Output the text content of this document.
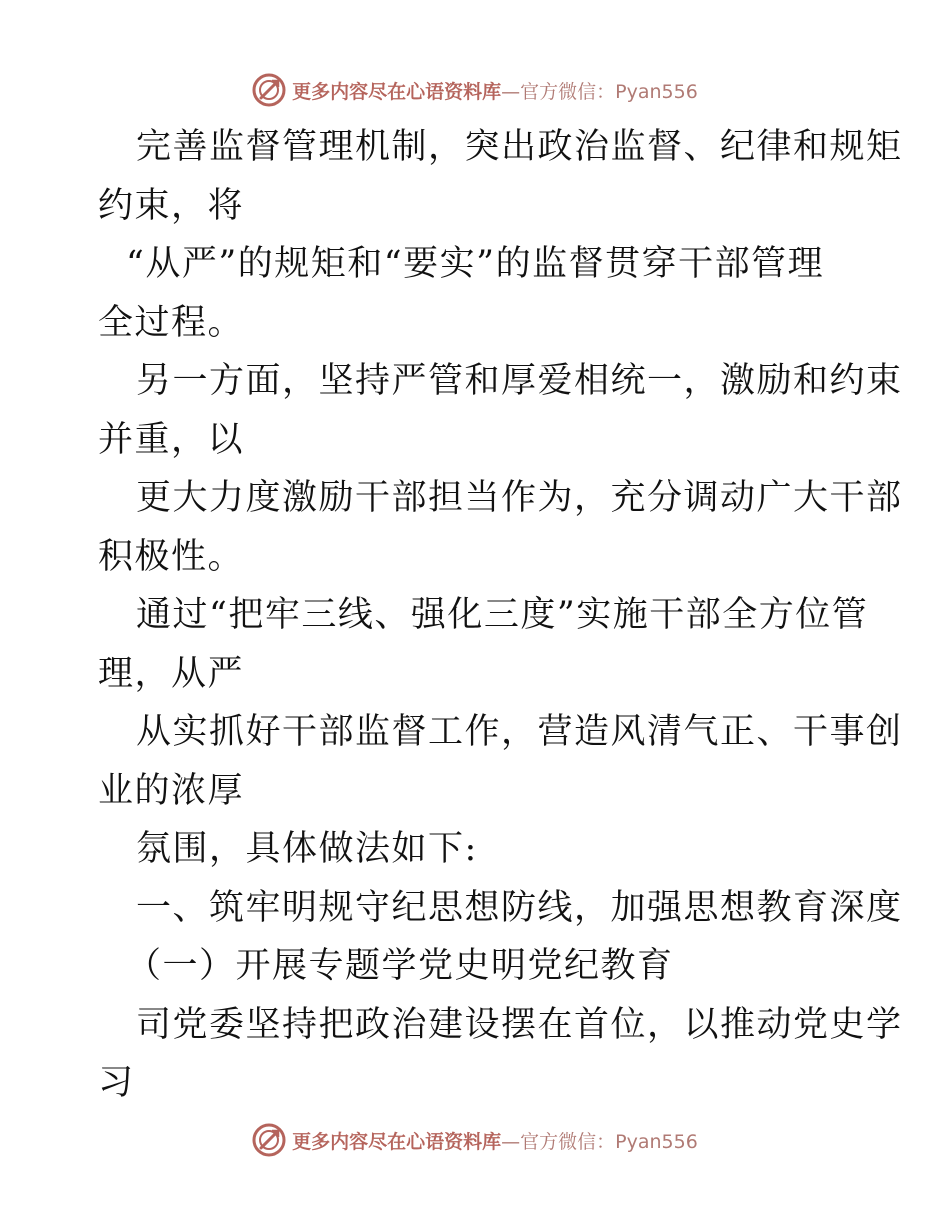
更多内容尽在心语资料库—官方微信：Pyan556
完善监督管理机制，突出政治监督、纪律和规矩
约束，将
“从严”的规矩和“要实”的监督贯穿干部管理
全过程。
另一方面，坚持严管和厚爱相统一，激励和约束
并重，以
更大力度激励干部担当作为，充分调动广大干部
积极性。
通过“把牢三线、强化三度”实施干部全方位管
理，从严
从实抓好干部监督工作，营造风清气正、干事创
业的浓厚
氛围，具体做法如下:
一、筑牢明规守纪思想防线，加强思想教育深度
（一）开展专题学党史明党纪教育
司党委坚持把政治建设摆在首位，以推动党史学
习
更多内容尽在心语资料库—官方微信：Pyan556
